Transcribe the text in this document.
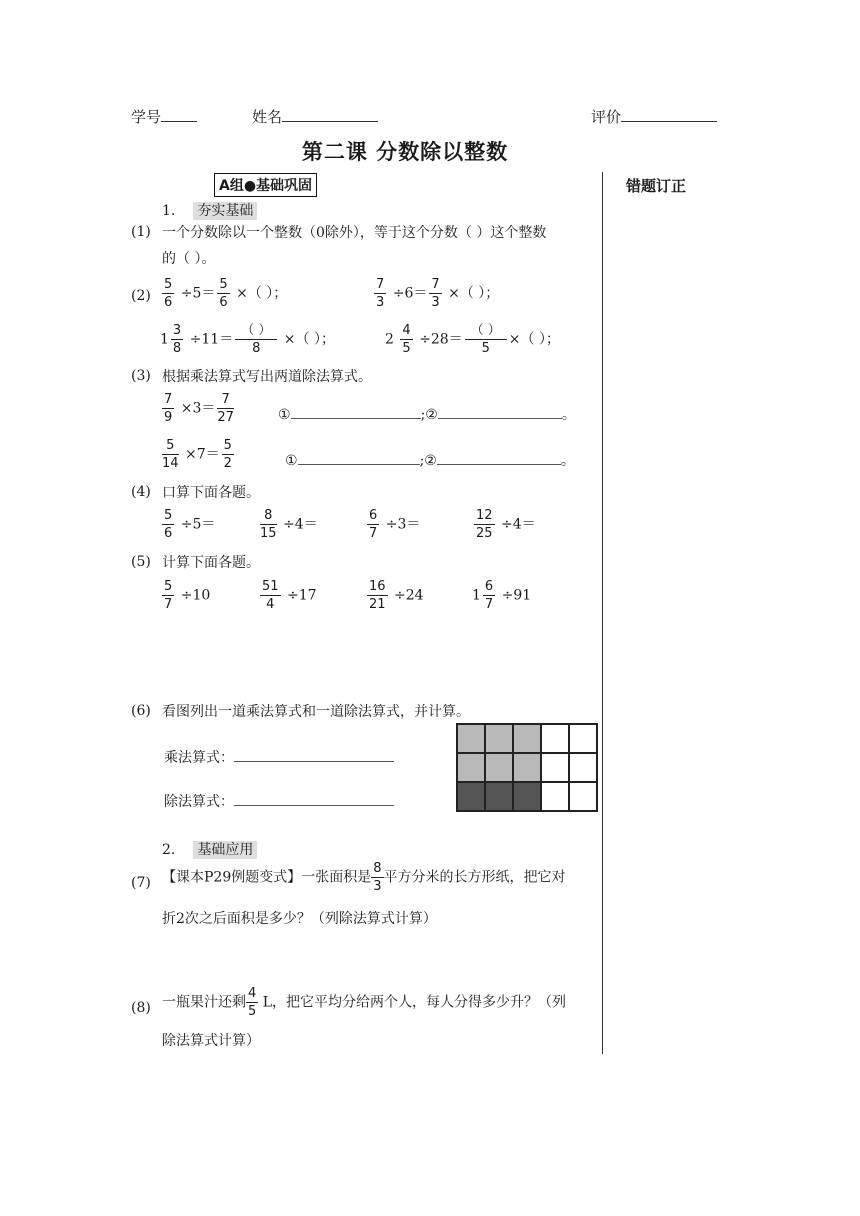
学号	姓名	评价
第二课 分数除以整数
错题订正
A组●基础巩固
1. 夯实基础
(1) 一个分数除以一个整数（0除外），等于这个分数（ ）这个整数
的（ ）。
$(2) \frac{5}{6} \div 5= \frac{5}{6}$ ×（ ）；	$\frac{7}{3} \div 6= \frac{7}{3}$ ×（ ）；
$1 \frac{3}{8} \div 11= \frac{( )}{8}$ ×（ ）；	$2 \frac{4}{5} \div 28= \frac{( )}{5}$ ×（ ）；
(3) 根据乘法算式写出两道除法算式。
$\frac{7}{9} \times 3= \frac{7}{27}$	①	;②	。
$\frac{5}{14} \times 7= \frac{5}{2}$	①	;②	。
(4) 口算下面各题。
$\frac{5}{6} \div 5=$	$\frac{8}{15} \div 4=$	$\frac{6}{7} \div 3=$	$\frac{12}{25} \div 4=$
(5) 计算下面各题。
$\frac{5}{7} \div 10$	$\frac{51}{4} \div 17$	$\frac{16}{21} \div 24$	$1 \frac{6}{7} \div 91$
(6) 看图列出一道乘法算式和一道除法算式，并计算。
乘法算式：
除法算式：

2. 基础应用
(7) 【课本P29例题变式】一张面积是 $\frac{8}{3}$ 平方分米的长方形纸，把它对
折2次之后面积是多少？（列除法算式计算）
(8) 一瓶果汁还剩 $\frac{4}{5}$ L，把它平均分给两个人，每人分得多少升？（列
除法算式计算）
